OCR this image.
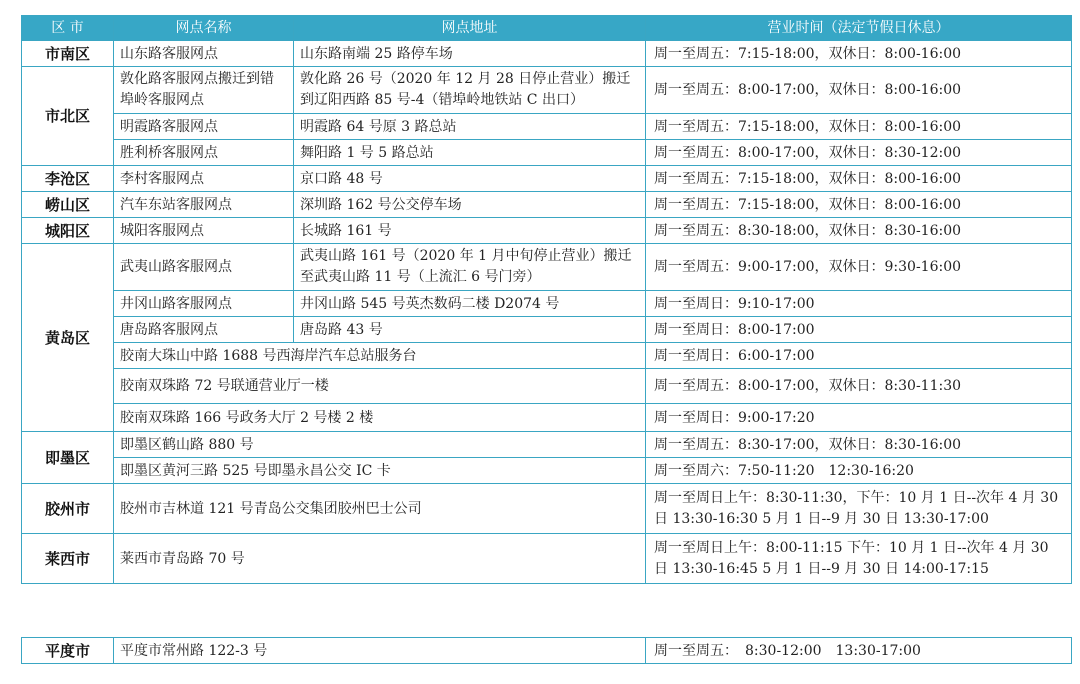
区 市	网点名称	网点地址	营业时间（法定节假日休息）
市南区	山东路客服网点	山东路南端 25 路停车场	周一至周五：7:15-18:00，双休日：8:00-16:00
市北区	敦化路客服网点搬迁到错埠岭客服网点	敦化路 26 号（2020 年 12 月 28 日停止营业）搬迁到辽阳西路 85 号-4（错埠岭地铁站 C 出口）	周一至周五：8:00-17:00，双休日：8:00-16:00
	明霞路客服网点	明霞路 64 号原 3 路总站	周一至周五：7:15-18:00，双休日：8:00-16:00
	胜利桥客服网点	舞阳路 1 号 5 路总站	周一至周五：8:00-17:00，双休日：8:30-12:00
李沧区	李村客服网点	京口路 48 号	周一至周五：7:15-18:00，双休日：8:00-16:00
崂山区	汽车东站客服网点	深圳路 162 号公交停车场	周一至周五：7:15-18:00，双休日：8:00-16:00
城阳区	城阳客服网点	长城路 161 号	周一至周五：8:30-18:00，双休日：8:30-16:00
黄岛区	武夷山路客服网点	武夷山路 161 号（2020 年 1 月中旬停止营业）搬迁至武夷山路 11 号（上流汇 6 号门旁）	周一至周五：9:00-17:00，双休日：9:30-16:00
	井冈山路客服网点	井冈山路 545 号英杰数码二楼 D2074 号	周一至周日：9:10-17:00
	唐岛路客服网点	唐岛路 43 号	周一至周日：8:00-17:00
	胶南大珠山中路 1688 号西海岸汽车总站服务台		周一至周日：6:00-17:00
	胶南双珠路 72 号联通营业厅一楼		周一至周五：8:00-17:00，双休日：8:30-11:30
	胶南双珠路 166 号政务大厅 2 号楼 2 楼		周一至周日：9:00-17:20
即墨区	即墨区鹤山路 880 号		周一至周五：8:30-17:00，双休日：8:30-16:00
	即墨区黄河三路 525 号即墨永昌公交 IC 卡		周一至周六：7:50-11:20　12:30-16:20
胶州市	胶州市吉林道 121 号青岛公交集团胶州巴士公司		周一至周日上午：8:30-11:30，下午：10 月 1 日--次年 4 月 30 日 13:30-16:30 5 月 1 日--9 月 30 日 13:30-17:00
莱西市	莱西市青岛路 70 号		周一至周日上午：8:00-11:15 下午：10 月 1 日--次年 4 月 30 日 13:30-16:45 5 月 1 日--9 月 30 日 14:00-17:15
平度市	平度市常州路 122-3 号	周一至周五：　8:30-12:00　13:30-17:00
